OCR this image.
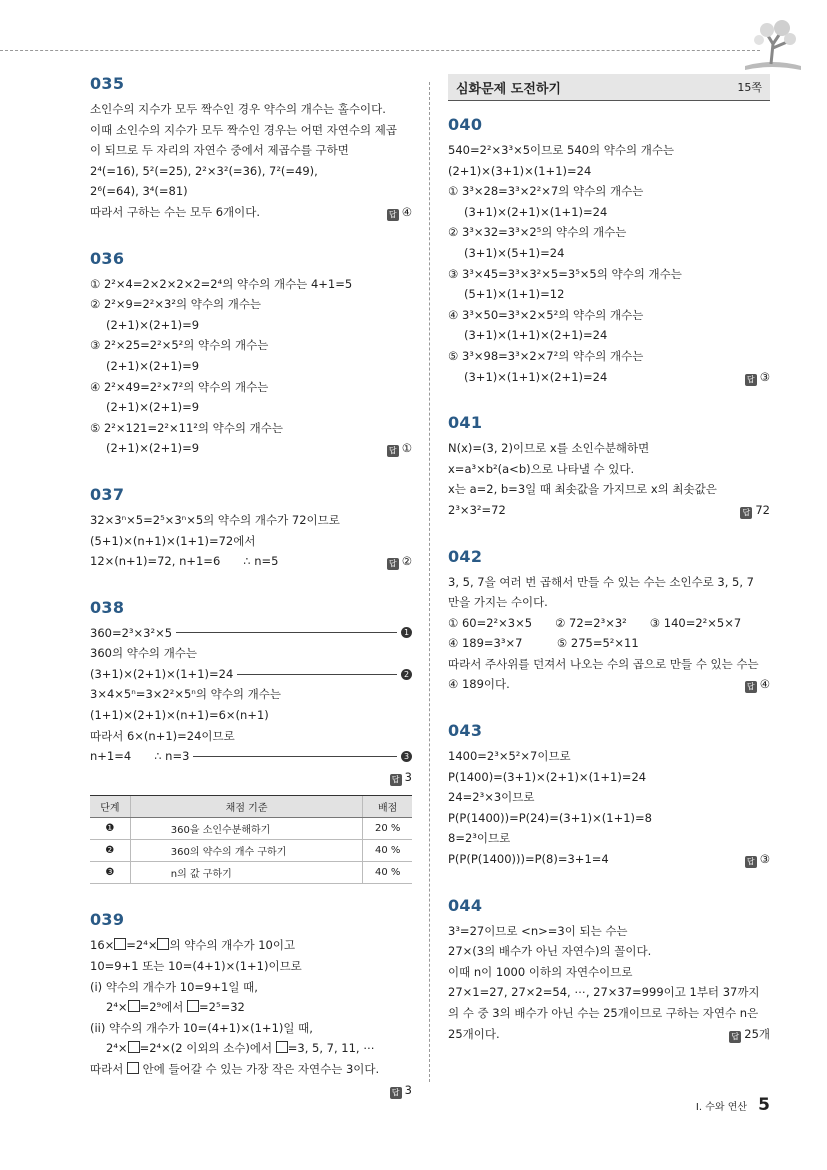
035
소인수의 지수가 모두 짝수인 경우 약수의 개수는 홀수이다.
이때 소인수의 지수가 모두 짝수인 경우는 어떤 자연수의 제곱
이 되므로 두 자리의 자연수 중에서 제곱수를 구하면
2⁴(=16), 5²(=25), 2²×3²(=36), 7²(=49),
2⁶(=64), 3⁴(=81)
따라서 구하는 수는 모두 6개이다.	답 ④
036
① 2²×4=2×2×2×2=2⁴의 약수의 개수는 4+1=5
② 2²×9=2²×3²의 약수의 개수는
(2+1)×(2+1)=9
③ 2²×25=2²×5²의 약수의 개수는
(2+1)×(2+1)=9
④ 2²×49=2²×7²의 약수의 개수는
(2+1)×(2+1)=9
⑤ 2²×121=2²×11²의 약수의 개수는
(2+1)×(2+1)=9	답 ①
037
32×3ⁿ×5=2⁵×3ⁿ×5의 약수의 개수가 72이므로
(5+1)×(n+1)×(1+1)=72에서
12×(n+1)=72, n+1=6　　∴ n=5	답 ②
038
360=2³×3²×5	1
360의 약수의 개수는
(3+1)×(2+1)×(1+1)=24	2
3×4×5ⁿ=3×2²×5ⁿ의 약수의 개수는
(1+1)×(2+1)×(n+1)=6×(n+1)
따라서 6×(n+1)=24이므로
n+1=4　　∴ n=3	3
답 3
단계	채점 기준	배점
❶	360을 소인수분해하기	20 %
❷	360의 약수의 개수 구하기	40 %
❸	n의 값 구하기	40 %
039
16× =2⁴× 의 약수의 개수가 10이고
10=9+1 또는 10=(4+1)×(1+1)이므로
(i) 약수의 개수가 10=9+1일 때,
2⁴× =2⁹에서 =2⁵=32
(ii) 약수의 개수가 10=(4+1)×(1+1)일 때,
2⁴× =2⁴×(2 이외의 소수)에서 =3, 5, 7, 11, ⋯
따라서  안에 들어갈 수 있는 가장 작은 자연수는 3이다.
답 3
심화문제 도전하기	15쪽
040
540=2²×3³×5이므로 540의 약수의 개수는
(2+1)×(3+1)×(1+1)=24
① 3³×28=3³×2²×7의 약수의 개수는
(3+1)×(2+1)×(1+1)=24
② 3³×32=3³×2⁵의 약수의 개수는
(3+1)×(5+1)=24
③ 3³×45=3³×3²×5=3⁵×5의 약수의 개수는
(5+1)×(1+1)=12
④ 3³×50=3³×2×5²의 약수의 개수는
(3+1)×(1+1)×(2+1)=24
⑤ 3³×98=3³×2×7²의 약수의 개수는
(3+1)×(1+1)×(2+1)=24	답 ③
041
N(x)=(3, 2)이므로 x를 소인수분해하면
x=a³×b²(a<b)으로 나타낼 수 있다.
x는 a=2, b=3일 때 최솟값을 가지므로 x의 최솟값은
2³×3²=72	답 72
042
3, 5, 7을 여러 번 곱해서 만들 수 있는 수는 소인수로 3, 5, 7
만을 가지는 수이다.
① 60=2²×3×5　　② 72=2³×3²　　③ 140=2²×5×7
④ 189=3³×7　　　⑤ 275=5²×11
따라서 주사위를 던져서 나오는 수의 곱으로 만들 수 있는 수는
④ 189이다.	답 ④
043
1400=2³×5²×7이므로
P(1400)=(3+1)×(2+1)×(1+1)=24
24=2³×3이므로
P(P(1400))=P(24)=(3+1)×(1+1)=8
8=2³이므로
P(P(P(1400)))=P(8)=3+1=4	답 ③
044
3³=27이므로 <n>=3이 되는 수는
27×(3의 배수가 아닌 자연수)의 꼴이다.
이때 n이 1000 이하의 자연수이므로
27×1=27, 27×2=54, ⋯, 27×37=999이고 1부터 37까지
의 수 중 3의 배수가 아닌 수는 25개이므로 구하는 자연수 n은
25개이다.	답 25개
I. 수와 연산 5
